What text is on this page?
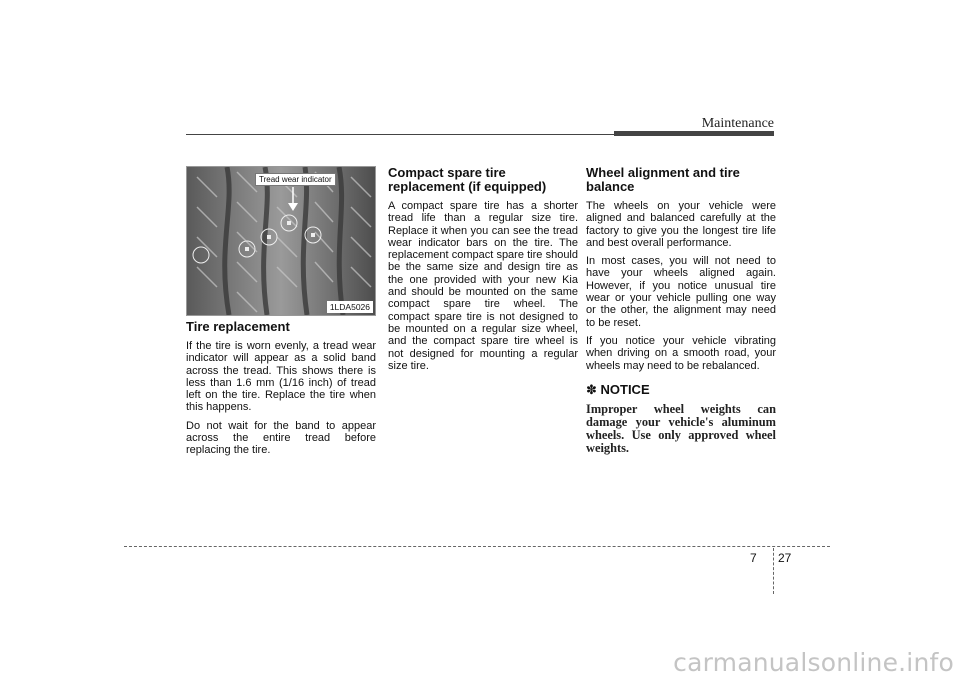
Maintenance
Tread wear indicator
1LDA5026
Tire replacement

If the tire is worn evenly, a tread wear indicator will appear as a solid band across the tread. This shows there is less than 1.6 mm (1/16 inch) of tread left on the tire. Replace the tire when this happens.

Do not wait for the band to appear across the entire tread before replacing the tire.

Compact spare tire replacement (if equipped)

A compact spare tire has a shorter tread life than a regular size tire. Replace it when you can see the tread wear indicator bars on the tire. The replacement compact spare tire should be the same size and design tire as the one provided with your new Kia and should be mounted on the same compact spare tire wheel. The compact spare tire is not designed to be mounted on a regular size wheel, and the compact spare tire wheel is not designed for mounting a regular size tire.

Wheel alignment and tire balance

The wheels on your vehicle were aligned and balanced carefully at the factory to give you the longest tire life and best overall performance.

In most cases, you will not need to have your wheels aligned again. However, if you notice unusual tire wear or your vehicle pulling one way or the other, the alignment may need to be reset.

If you notice your vehicle vibrating when driving on a smooth road, your wheels may need to be rebalanced.

✽ NOTICE

Improper wheel weights can damage your vehicle's aluminum wheels. Use only approved wheel weights.

7 27
carmanualsonline.info
